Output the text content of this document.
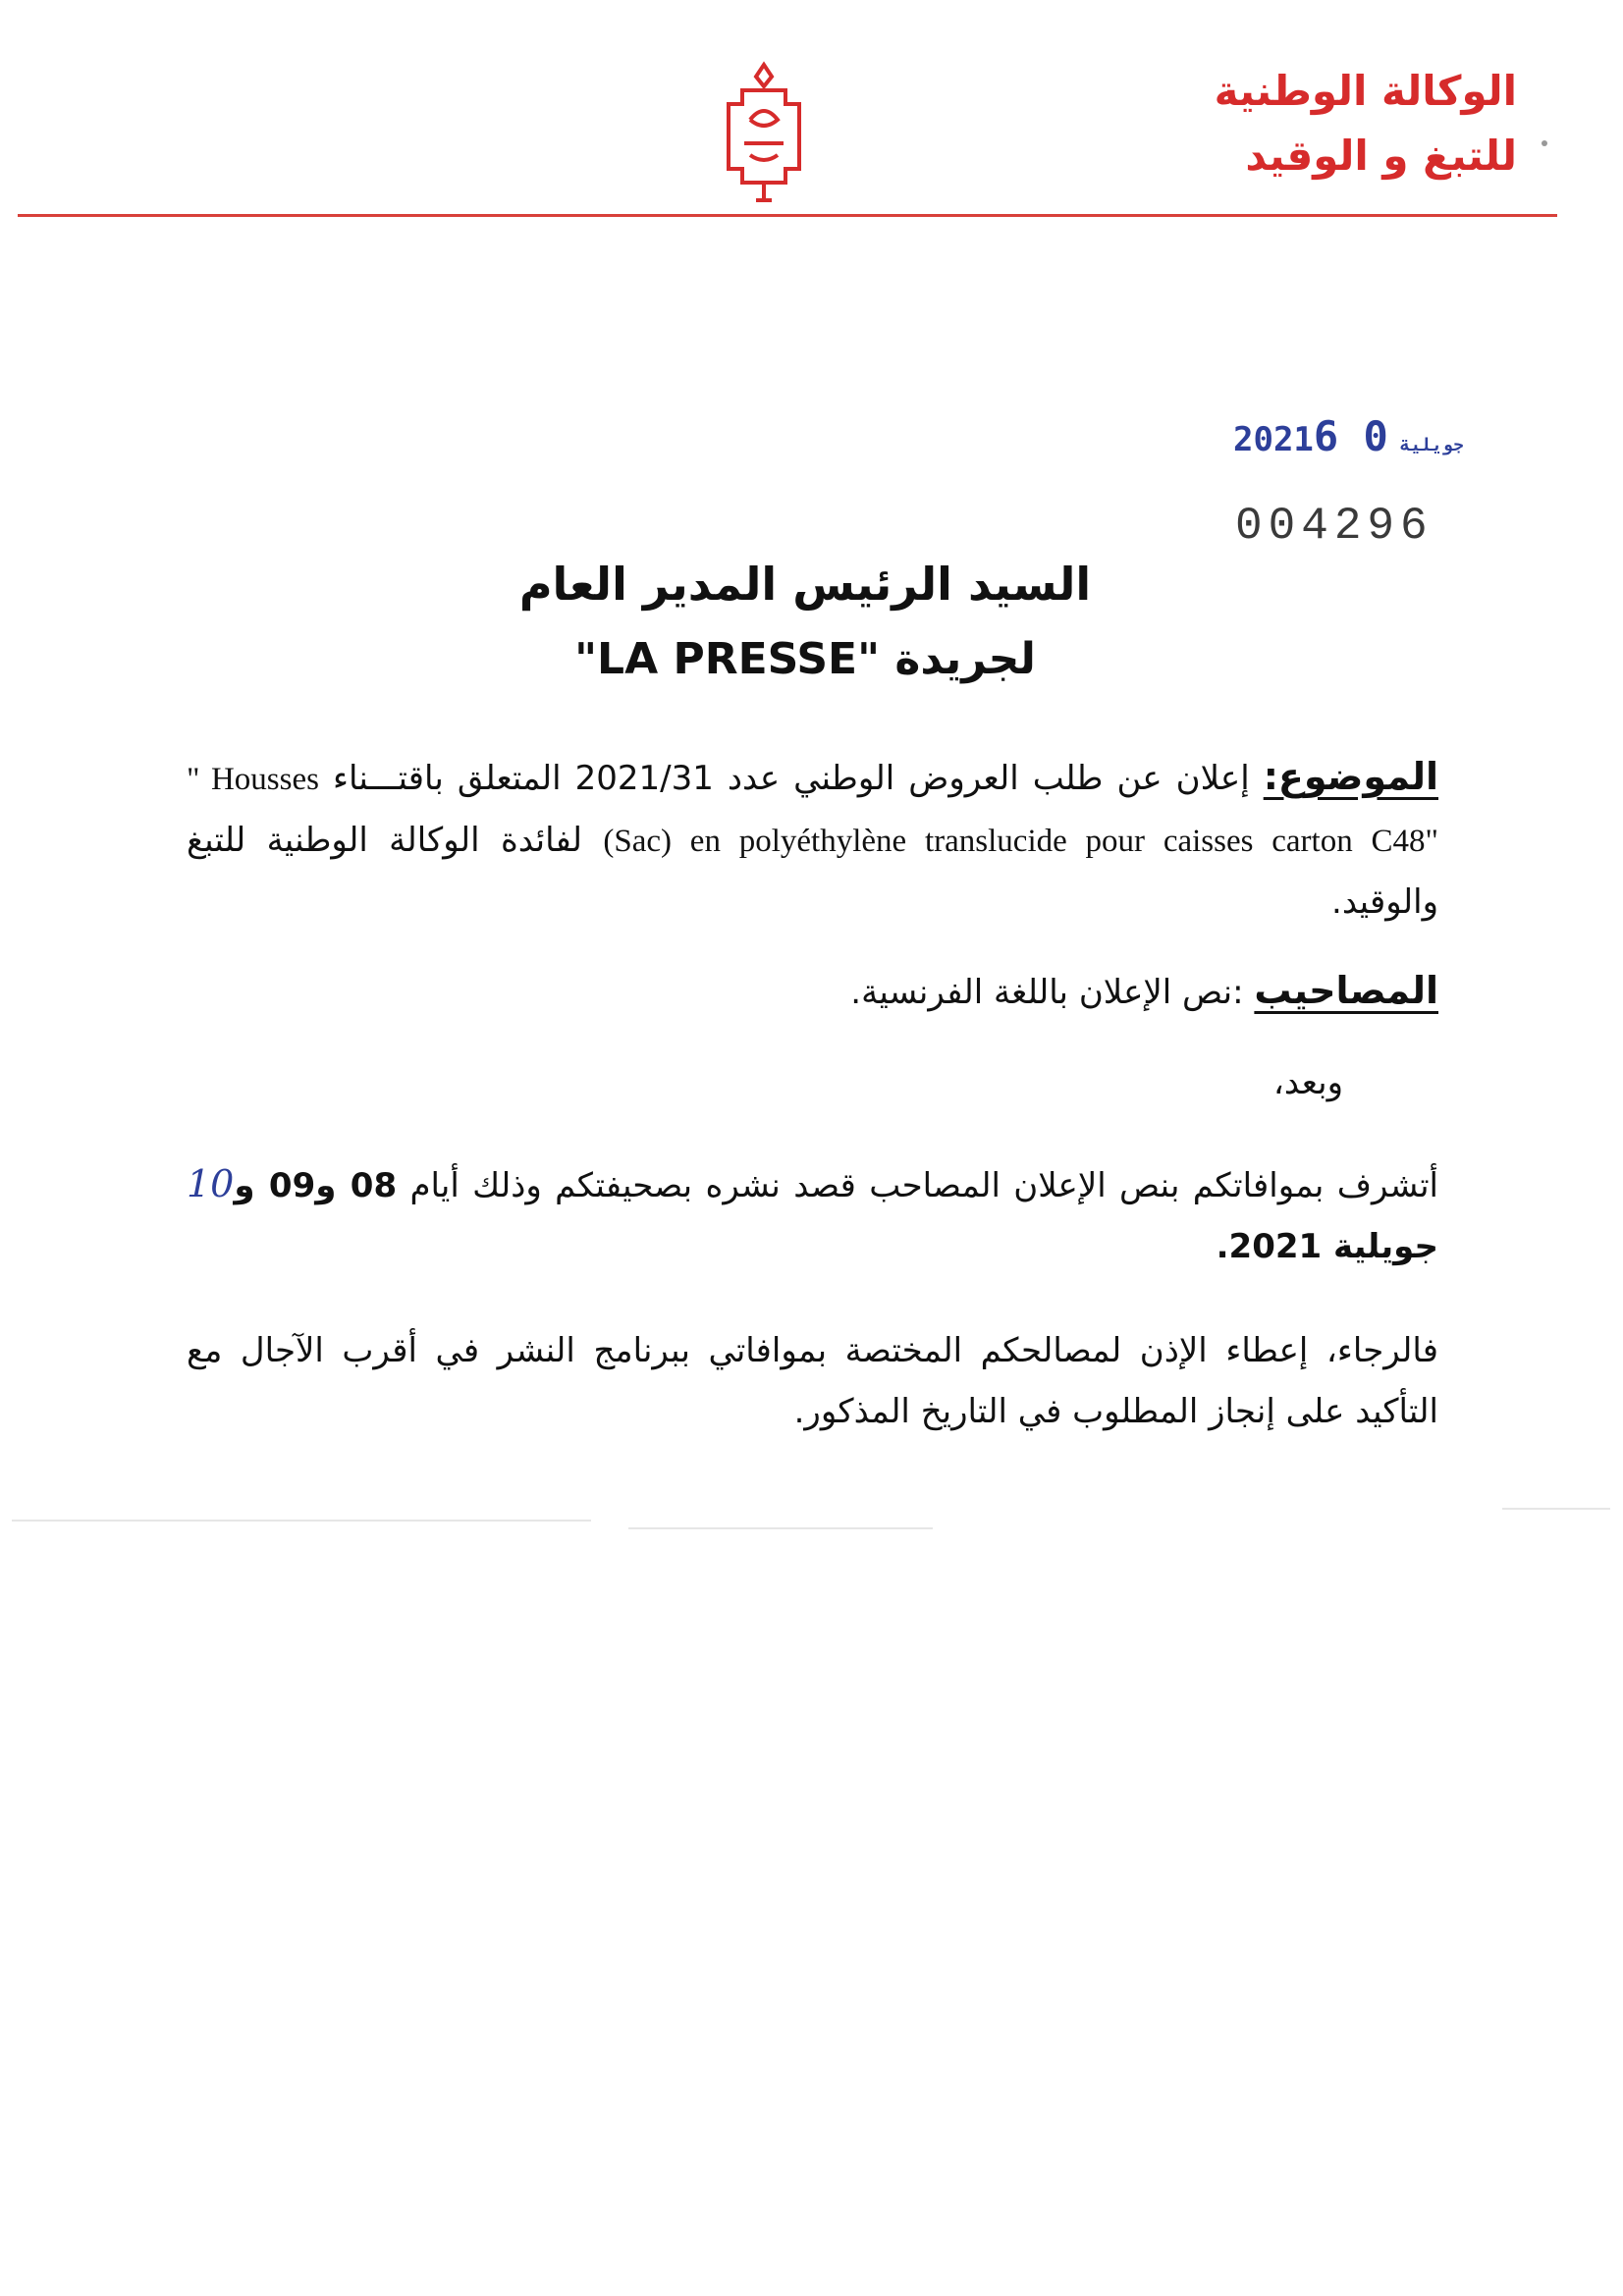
الوكالة الوطنية
للتبغ و الوقيد
2021	جويلية0 6
004296
السيد الرئيس المدير العام
لجريدة "LA PRESSE"
الموضوع: إعلان عن طلب العروض الوطني عدد 2021/31 المتعلق باقتـــناء " Housses (Sac) en polyéthylène translucide pour caisses carton C48" لفائدة الوكالة الوطنية للتبغ والوقيد.
المصاحيب :نص الإعلان باللغة الفرنسية.
وبعد،
أتشرف بموافاتكم بنص الإعلان المصاحب قصد نشره بصحيفتكم وذلك أيام 08 و09 و10 جويلية 2021.
فالرجاء، إعطاء الإذن لمصالحكم المختصة بموافاتي ببرنامج النشر في أقرب الآجال مع التأكيد على إنجاز المطلوب في التاريخ المذكور.
